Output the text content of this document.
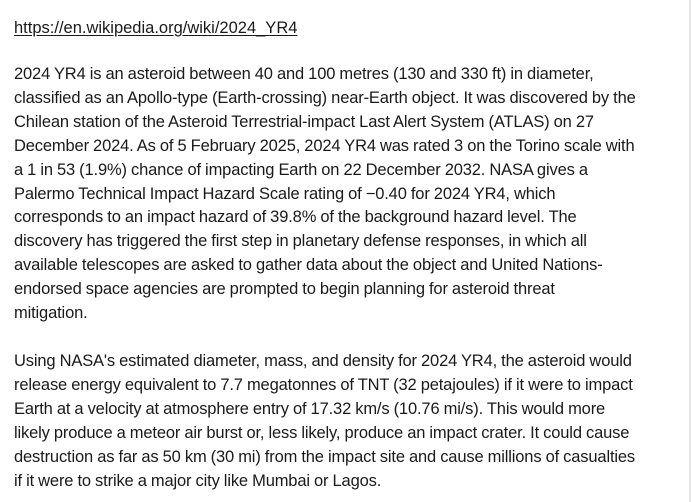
https://en.wikipedia.org/wiki/2024_YR4

2024 YR4 is an asteroid between 40 and 100 metres (130 and 330 ft) in diameter,
classified as an Apollo-type (Earth-crossing) near-Earth object. It was discovered by the
Chilean station of the Asteroid Terrestrial-impact Last Alert System (ATLAS) on 27
December 2024. As of 5 February 2025, 2024 YR4 was rated 3 on the Torino scale with
a 1 in 53 (1.9%) chance of impacting Earth on 22 December 2032. NASA gives a
Palermo Technical Impact Hazard Scale rating of −0.40 for 2024 YR4, which
corresponds to an impact hazard of 39.8% of the background hazard level. The
discovery has triggered the first step in planetary defense responses, in which all
available telescopes are asked to gather data about the object and United Nations-
endorsed space agencies are prompted to begin planning for asteroid threat
mitigation.

Using NASA's estimated diameter, mass, and density for 2024 YR4, the asteroid would
release energy equivalent to 7.7 megatonnes of TNT (32 petajoules) if it were to impact
Earth at a velocity at atmosphere entry of 17.32 km/s (10.76 mi/s). This would more
likely produce a meteor air burst or, less likely, produce an impact crater. It could cause
destruction as far as 50 km (30 mi) from the impact site and cause millions of casualties
if it were to strike a major city like Mumbai or Lagos.
